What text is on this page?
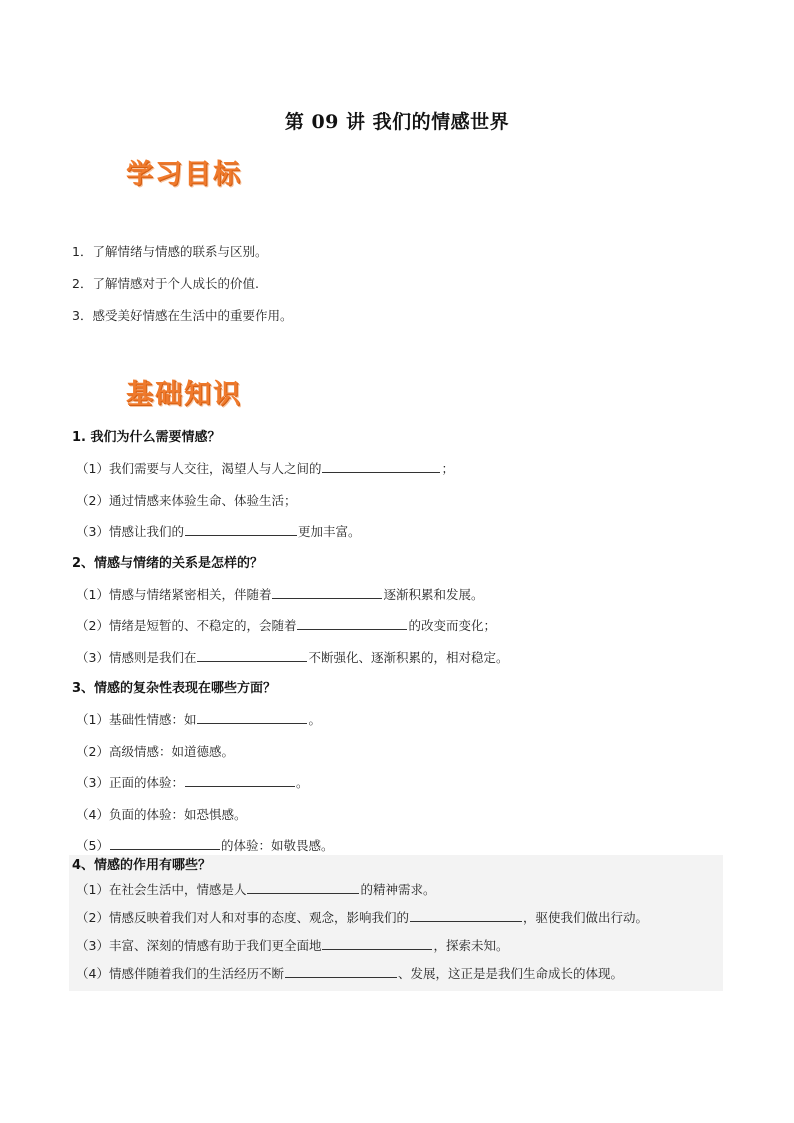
第 09 讲 我们的情感世界
学习目标
1．了解情绪与情感的联系与区别。
2．了解情感对于个人成长的价值.
3．感受美好情感在生活中的重要作用。
基础知识
1. 我们为什么需要情感？
（1）我们需要与人交往，渴望人与人之间的	；
（2）通过情感来体验生命、体验生活；
（3）情感让我们的	更加丰富。
2、情感与情绪的关系是怎样的？
（1）情感与情绪紧密相关，伴随着	逐渐积累和发展。
（2）情绪是短暂的、不稳定的，会随着	的改变而变化；
（3）情感则是我们在	不断强化、逐渐积累的，相对稳定。
3、情感的复杂性表现在哪些方面？
（1）基础性情感：如	。
（2）高级情感：如道德感。
（3）正面的体验：	。
（4）负面的体验：如恐惧感。
（5）	的体验：如敬畏感。
4、情感的作用有哪些？
（1）在社会生活中，情感是人	的精神需求。
（2）情感反映着我们对人和对事的态度、观念，影响我们的	，驱使我们做出行动。
（3）丰富、深刻的情感有助于我们更全面地	，探索未知。
（4）情感伴随着我们的生活经历不断	、发展，这正是是我们生命成长的体现。
